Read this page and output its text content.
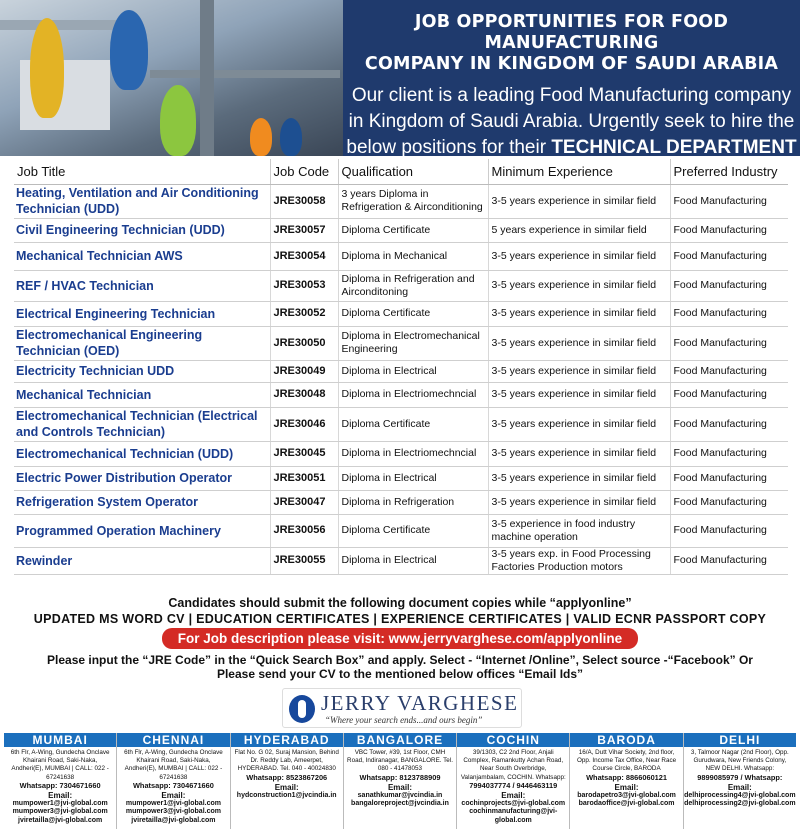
JOB OPPORTUNITIES FOR FOOD MANUFACTURING
COMPANY IN KINGDOM OF SAUDI ARABIA
Our client is a leading Food Manufacturing company
in Kingdom of Saudi Arabia. Urgently seek to hire the
below positions for their TECHNICAL DEPARTMENT
Job Title	Job Code	Qualification	Minimum Experience	Preferred Industry
Heating, Ventilation and Air Conditioning Technician (UDD)	JRE30058	3 years Diploma in Refrigeration & Airconditioning	3-5 years experience in similar field	Food Manufacturing
Civil Engineering Technician (UDD)	JRE30057	Diploma Certificate	5 years experience in similar field	Food Manufacturing
Mechanical Technician AWS	JRE30054	Diploma in Mechanical	3-5 years experience in similar field	Food Manufacturing
REF / HVAC Technician	JRE30053	Diploma in Refrigeration and Airconditoning	3-5 years experience in similar field	Food Manufacturing
Electrical Engineering Technician	JRE30052	Diploma Certificate	3-5 years experience in similar field	Food Manufacturing
Electromechanical Engineering Technician (OED)	JRE30050	Diploma in Electromechanical Engineering	3-5 years experience in similar field	Food Manufacturing
Electricity Technician UDD	JRE30049	Diploma in Electrical	3-5 years experience in similar field	Food Manufacturing
Mechanical Technician	JRE30048	Diploma in Electriomechncial	3-5 years experience in similar field	Food Manufacturing
Electromechanical Technician (Electrical and Controls Technician)	JRE30046	Diploma Certificate	3-5 years experience in similar field	Food Manufacturing
Electromechanical Technician (UDD)	JRE30045	Diploma in Electriomechncial	3-5 years experience in similar field	Food Manufacturing
Electric Power Distribution Operator	JRE30051	Diploma in Electrical	3-5 years experience in similar field	Food Manufacturing
Refrigeration System Operator	JRE30047	Diploma in Refrigeration	3-5 years experience in similar field	Food Manufacturing
Programmed Operation Machinery	JRE30056	Diploma Certificate	3-5 experience in food industry machine operation	Food Manufacturing
Rewinder	JRE30055	Diploma in Electrical	3-5 years exp. in Food Processing Factories Production motors	Food Manufacturing
Candidates should submit the following document copies while “applyonline”
UPDATED MS WORD CV | EDUCATION CERTIFICATES | EXPERIENCE CERTIFICATES | VALID ECNR PASSPORT COPY
For Job description please visit: www.jerryvarghese.com/applyonline
Please input the “JRE Code” in the “Quick Search Box” and apply. Select - “Internet /Online”, Select source -“Facebook” Or
Please send your CV to the mentioned below offices “Email Ids”
JERRY VARGHESE
“Where your search ends...and ours begin”
MUMBAI
6th Flr, A-Wing, Gundecha Onclave Khairani Road, Saki-Naka, Andheri(E), MUMBAI | CALL: 022 - 67241638
Whatsapp: 7304671660
Email:
mumpower1@jvi-global.com
mumpower3@jvi-global.com
jviretailla@jvi-global.com
CHENNAI
6th Flr, A-Wing, Gundecha Onclave Khairani Road, Saki-Naka, Andheri(E), MUMBAI | CALL: 022 - 67241638
Whatsapp: 7304671660
Email:
mumpower1@jvi-global.com
mumpower3@jvi-global.com
jviretailla@jvi-global.com
HYDERABAD
Flat No. G 02, Suraj Mansion, Behind Dr. Reddy Lab, Ameerpet, HYDERABAD. Tel. 040 - 40024830
Whatsapp: 8523867206
Email:
hydconstruction1@jvcindia.in
BANGALORE
VBC Tower, #39, 1st Floor, CMH Road, Indiranagar, BANGALORE. Tel. 080 - 41478053
Whatsapp: 8123788909
Email:
sanathkumar@jvcindia.in
bangaloreproject@jvcindia.in
COCHIN
39/1303, C2 2nd Floor, Anjali Complex, Ramankutty Achan Road, Near South Overbridge, Valanjambalam, COCHIN. Whatsapp:
7994037774 / 9446463119
Email:
cochinprojects@jvi-global.com
cochinmanufacturing@jvi-global.com
BARODA
16/A, Dutt Vihar Society, 2nd floor, Opp. Income Tax Office, Near Race Course Circle, BARODA
Whatsapp: 8866060121
Email:
barodapetro3@jvi-global.com
barodaoffice@jvi-global.com
DELHI
3, Talmoor Nagar (2nd Floor), Opp. Gurudwara, New Friends Colony, NEW DELHI. Whatsapp:
9899085979 / Whatsapp:
Email:
delhiprocessing4@jvi-global.com
delhiprocessing2@jvi-global.com
